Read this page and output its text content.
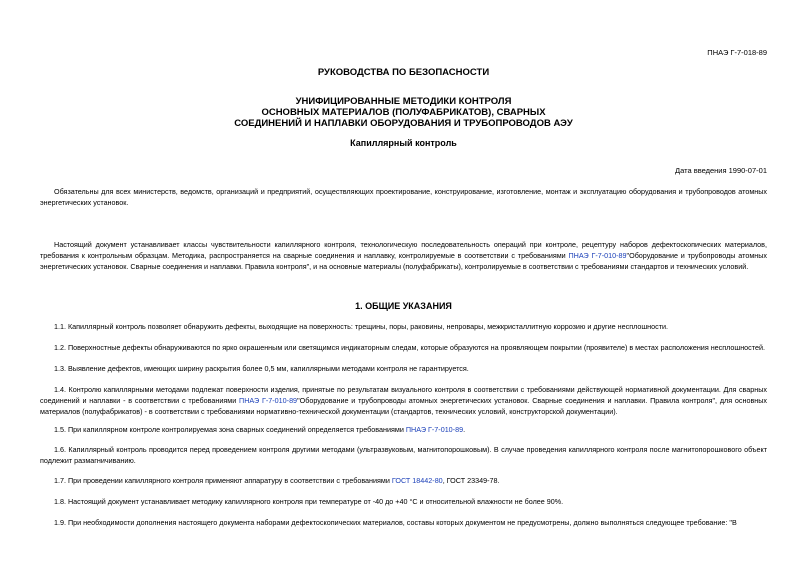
ПНАЭ Г-7-018-89
РУКОВОДСТВА ПО БЕЗОПАСНОСТИ
УНИФИЦИРОВАННЫЕ МЕТОДИКИ КОНТРОЛЯ
ОСНОВНЫХ МАТЕРИАЛОВ (ПОЛУФАБРИКАТОВ), СВАРНЫХ
СОЕДИНЕНИЙ И НАПЛАВКИ ОБОРУДОВАНИЯ И ТРУБОПРОВОДОВ АЭУ
Капиллярный контроль
Дата введения 1990-07-01
Обязательны для всех министерств, ведомств, организаций и предприятий, осуществляющих проектирование, конструирование, изготовление, монтаж и эксплуатацию оборудования и трубопроводов атомных энергетических установок.
Настоящий документ устанавливает классы чувствительности капиллярного контроля, технологическую последовательность операций при контроле, рецептуру наборов дефектоскопических материалов, требования к контрольным образцам. Методика, распространяется на сварные соединения и наплавку, контролируемые в соответствии с требованиями ПНАЭ Г-7-010-89"Оборудование и трубопроводы атомных энергетических установок. Сварные соединения и наплавки. Правила контроля", и на основные материалы (полуфабрикаты), контролируемые в соответствии с требованиями стандартов и технических условий.
1. ОБЩИЕ УКАЗАНИЯ
1.1. Капиллярный контроль позволяет обнаружить дефекты, выходящие на поверхность: трещины, поры, раковины, непровары, межкристаллитную коррозию и другие несплошности.
1.2. Поверхностные дефекты обнаруживаются по ярко окрашенным или светящимся индикаторным следам, которые образуются на проявляющем покрытии (проявителе) в местах расположения несплошностей.
1.3. Выявление дефектов, имеющих ширину раскрытия более 0,5 мм, капиллярными методами контроля не гарантируется.
1.4. Контролю капиллярными методами подлежат поверхности изделия, принятые по результатам визуального контроля в соответствии с требованиями действующей нормативной документации. Для сварных соединений и наплавки - в соответствии с требованиями ПНАЭ Г-7-010-89"Оборудование и трубопроводы атомных энергетических установок. Сварные соединения и наплавки. Правила контроля", для основных материалов (полуфабрикатов) - в соответствии с требованиями нормативно-технической документации (стандартов, технических условий, конструкторской документации).
1.5. При капиллярном контроле контролируемая зона сварных соединений определяется требованиями ПНАЭ Г-7-010-89.
1.6. Капиллярный контроль проводится перед проведением контроля другими методами (ультразвуковым, магнитопорошковым). В случае проведения капиллярного контроля после магнитопорошкового объект подлежит размагничиванию.
1.7. При проведении капиллярного контроля применяют аппаратуру в соответствии с требованиями ГОСТ 18442-80, ГОСТ 23349-78.
1.8. Настоящий документ устанавливает методику капиллярного контроля при температуре от -40 до +40 °С и относительной влажности не более 90%.
1.9. При необходимости дополнения настоящего документа наборами дефектоскопических материалов, составы которых документом не предусмотрены, должно выполняться следующее требование: "В
